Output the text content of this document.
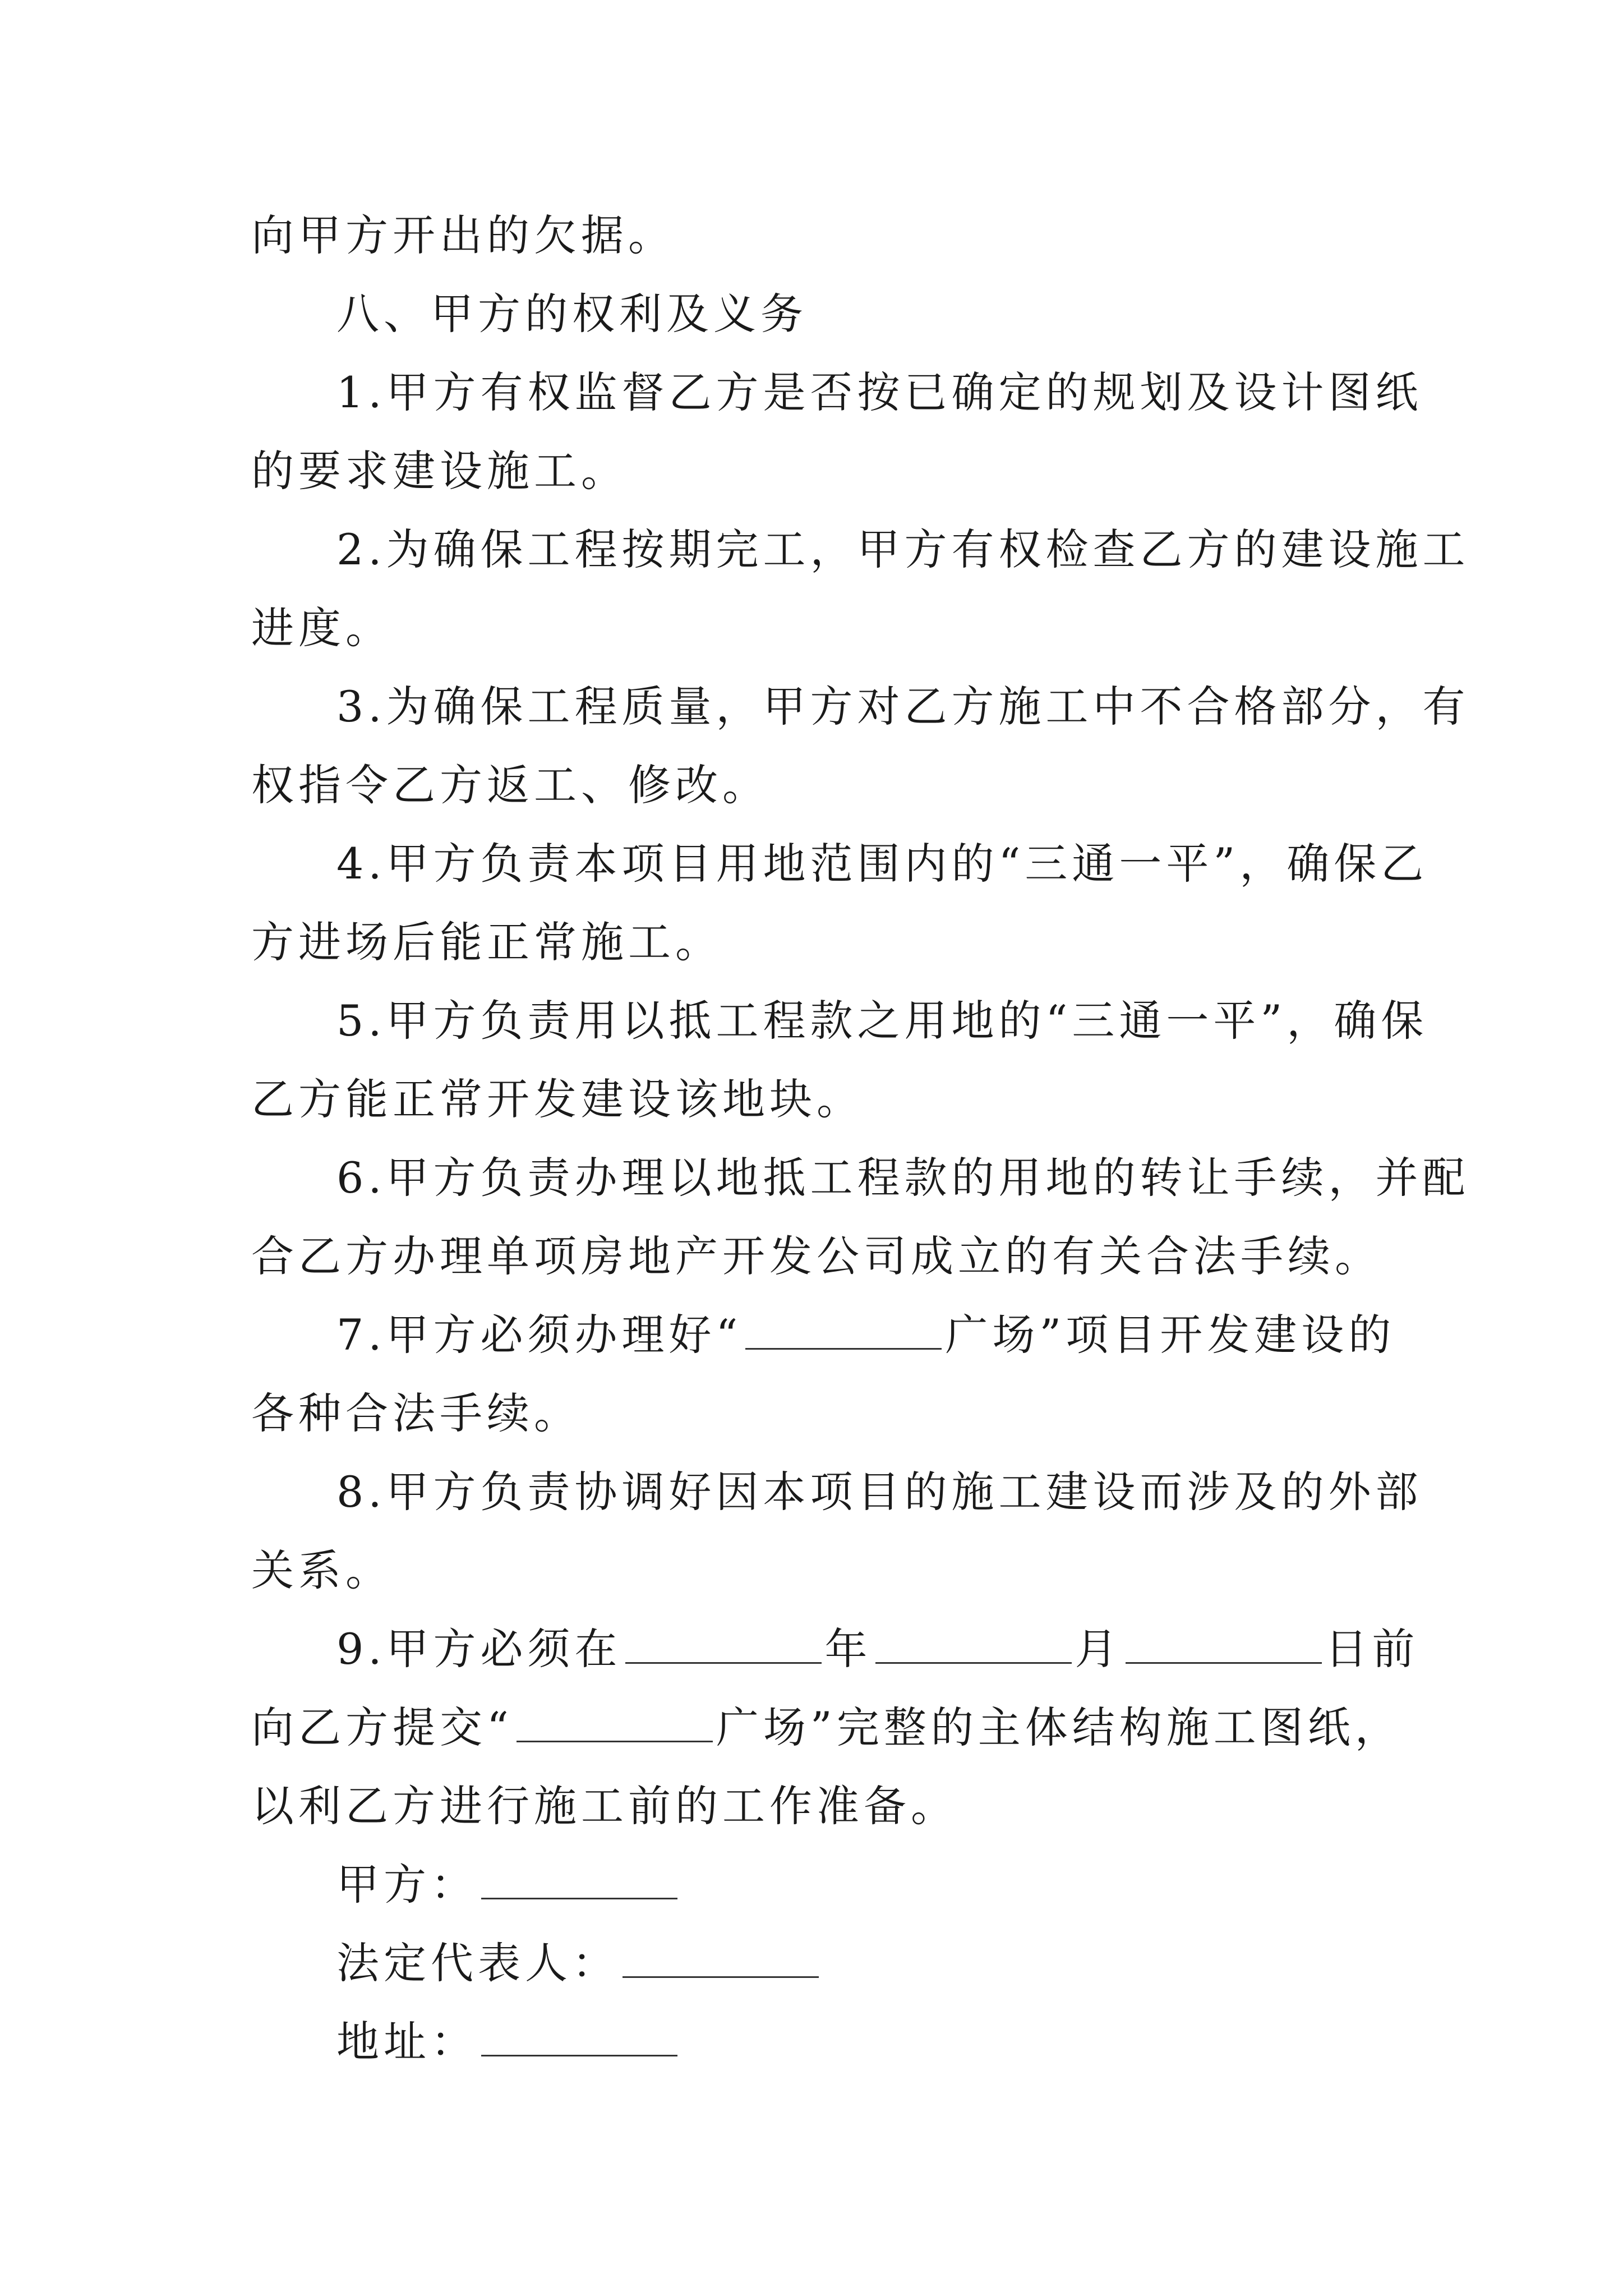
向甲方开出的欠据。
八、甲方的权利及义务
1.甲方有权监督乙方是否按已确定的规划及设计图纸
的要求建设施工。
2.为确保工程按期完工，甲方有权检查乙方的建设施工
进度。
3.为确保工程质量，甲方对乙方施工中不合格部分，有
权指令乙方返工、修改。
4.甲方负责本项目用地范围内的“三通一平”，确保乙
方进场后能正常施工。
5.甲方负责用以抵工程款之用地的“三通一平”，确保
乙方能正常开发建设该地块。
6.甲方负责办理以地抵工程款的用地的转让手续，并配
合乙方办理单项房地产开发公司成立的有关合法手续。
7.甲方必须办理好“	广场”项目开发建设的
各种合法手续。
8.甲方负责协调好因本项目的施工建设而涉及的外部
关系。
9.甲方必须在	年	月	日前
向乙方提交“	广场”完整的主体结构施工图纸，
以利乙方进行施工前的工作准备。
甲方：
法定代表人：
地址：
